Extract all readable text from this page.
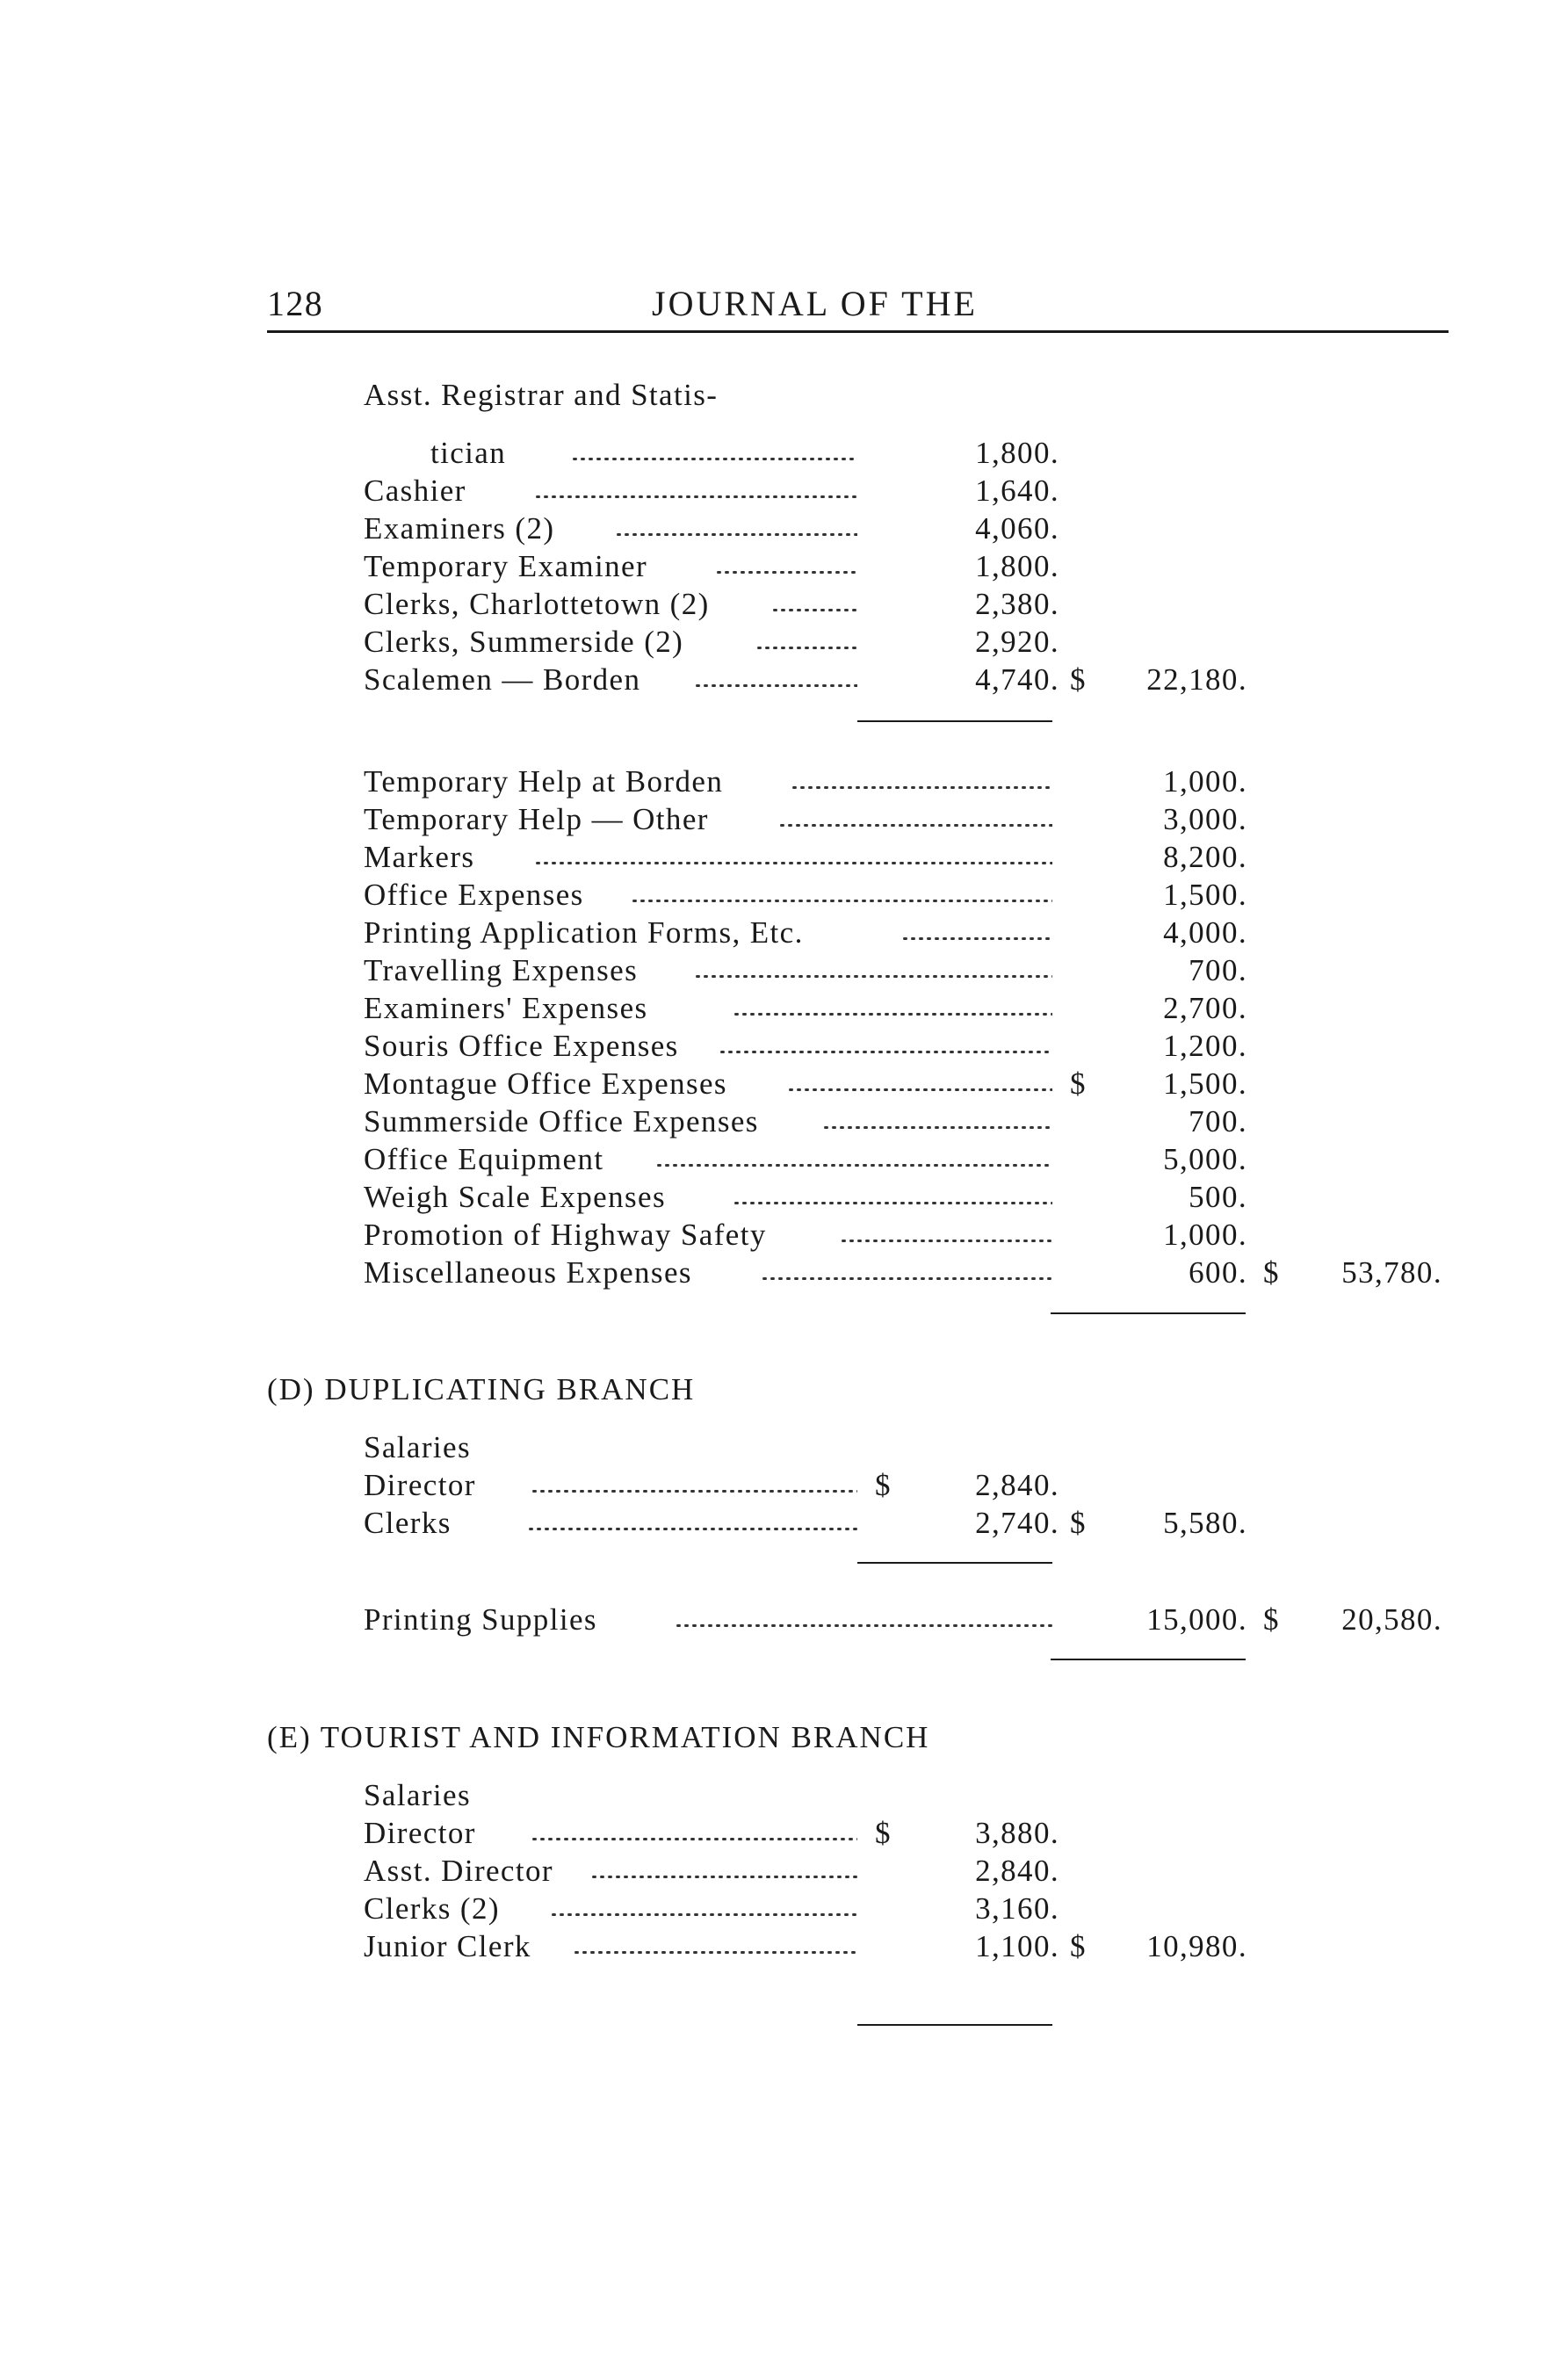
128	JOURNAL OF THE
Asst. Registrar and Statis-
tician	1,800.
Cashier	1,640.
Examiners (2)	4,060.
Temporary Examiner	1,800.
Clerks, Charlottetown (2)	2,380.
Clerks, Summerside (2)	2,920.
Scalemen — Borden	4,740. $	22,180.
Temporary Help at Borden	1,000.
Temporary Help — Other	3,000.
Markers	8,200.
Office Expenses	1,500.
Printing Application Forms, Etc.	4,000.
Travelling Expenses	700.
Examiners' Expenses	2,700.
Souris Office Expenses	1,200.
Montague Office Expenses	$	1,500.
Summerside Office Expenses	700.
Office Equipment	5,000.
Weigh Scale Expenses	500.
Promotion of Highway Safety	1,000.
Miscellaneous Expenses	600. $	53,780.
(D) DUPLICATING BRANCH
Salaries
Director	$	2,840.
Clerks	2,740. $	5,580.
Printing Supplies	15,000. $	20,580.
(E) TOURIST AND INFORMATION BRANCH
Salaries
Director	$	3,880.
Asst. Director	2,840.
Clerks (2)	3,160.
Junior Clerk	1,100. $	10,980.
